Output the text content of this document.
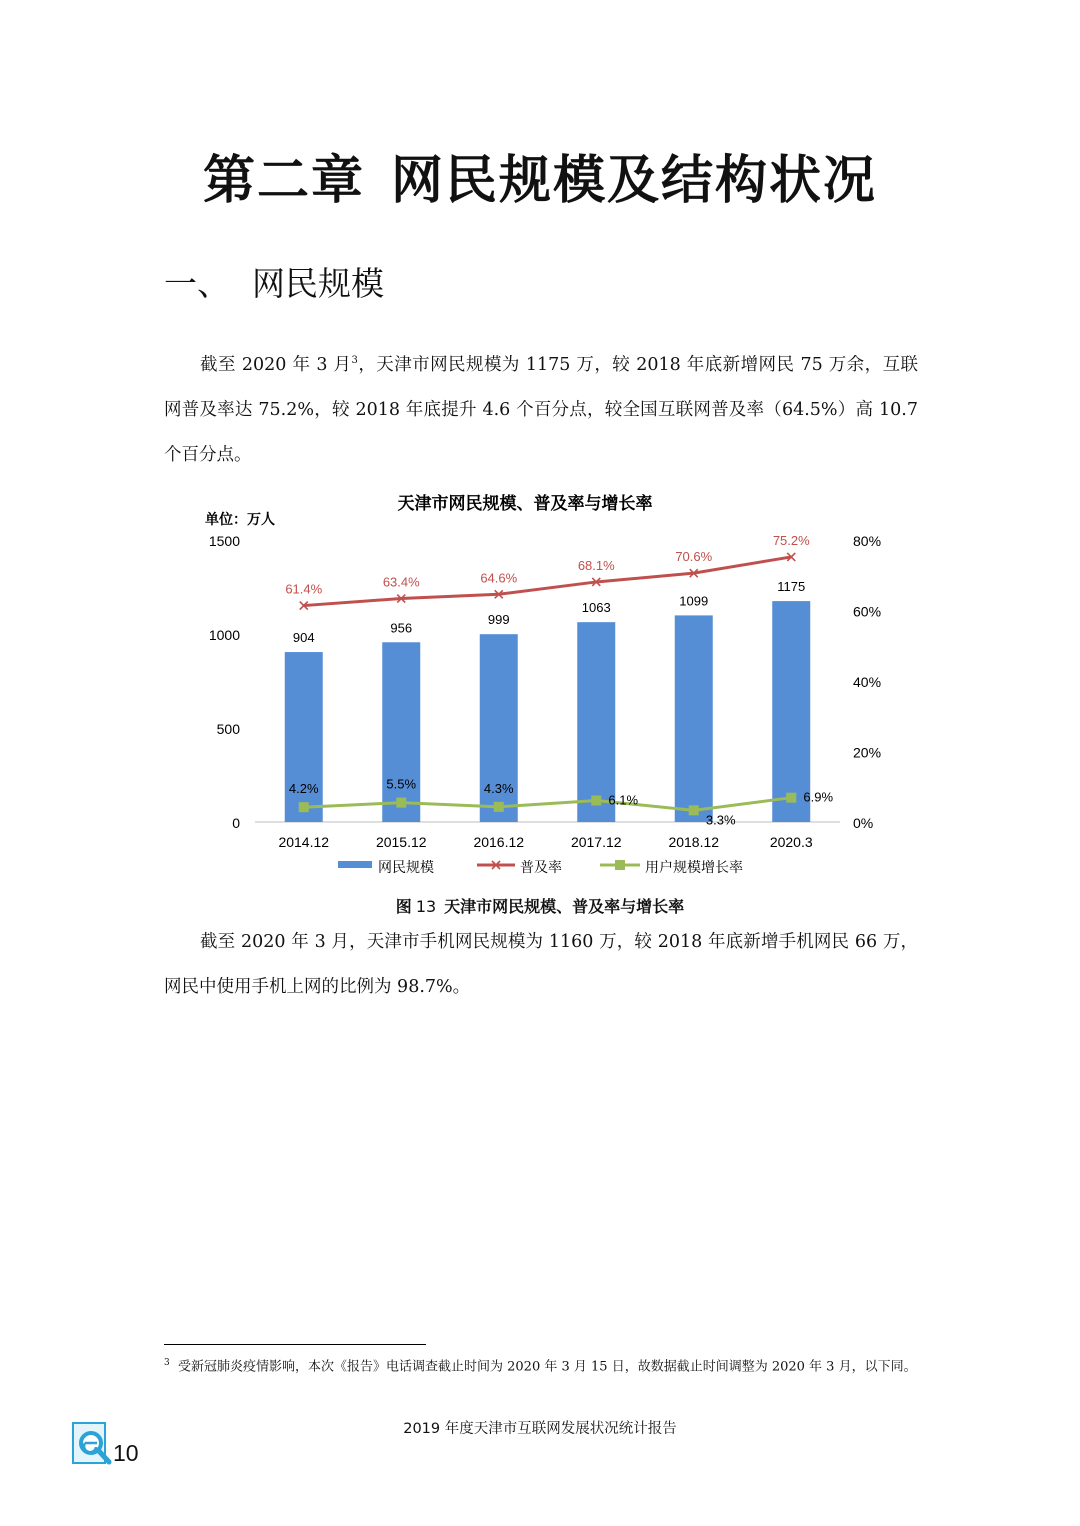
第二章 网民规模及结构状况
一、 网民规模

截至 2020 年 3 月$^3$，天津市网民规模为 1175 万，较 2018 年底新增网民 75 万余，互联网普及率达 75.2%，较 2018 年底提升 4.6 个百分点，较全国互联网普及率（64.5%）高 10.7 个百分点。

天津市网民规模、普及率与增长率
单位：万人
0
500
1000
1500
0%
20%
40%
60%
80%
904
956
999
1063	1099
1175
2014.12	2015.12	2016.12	2017.12	2018.12	2020.3
61.4%	63.4%	64.6%
68.1%
70.6%
75.2%
4.2%	5.5%	4.3%
6.1%
3.3%
6.9%
网民规模	普及率	用户规模增长率
图 13 天津市网民规模、普及率与增长率

截至 2020 年 3 月，天津市手机网民规模为 1160 万，较 2018 年底新增手机网民 66 万，网民中使用手机上网的比例为 98.7%。

$^3$ 受新冠肺炎疫情影响，本次《报告》电话调查截止时间为 2020 年 3 月 15 日，故数据截止时间调整为 2020 年 3 月，以下同。

2019 年度天津市互联网发展状况统计报告
10
